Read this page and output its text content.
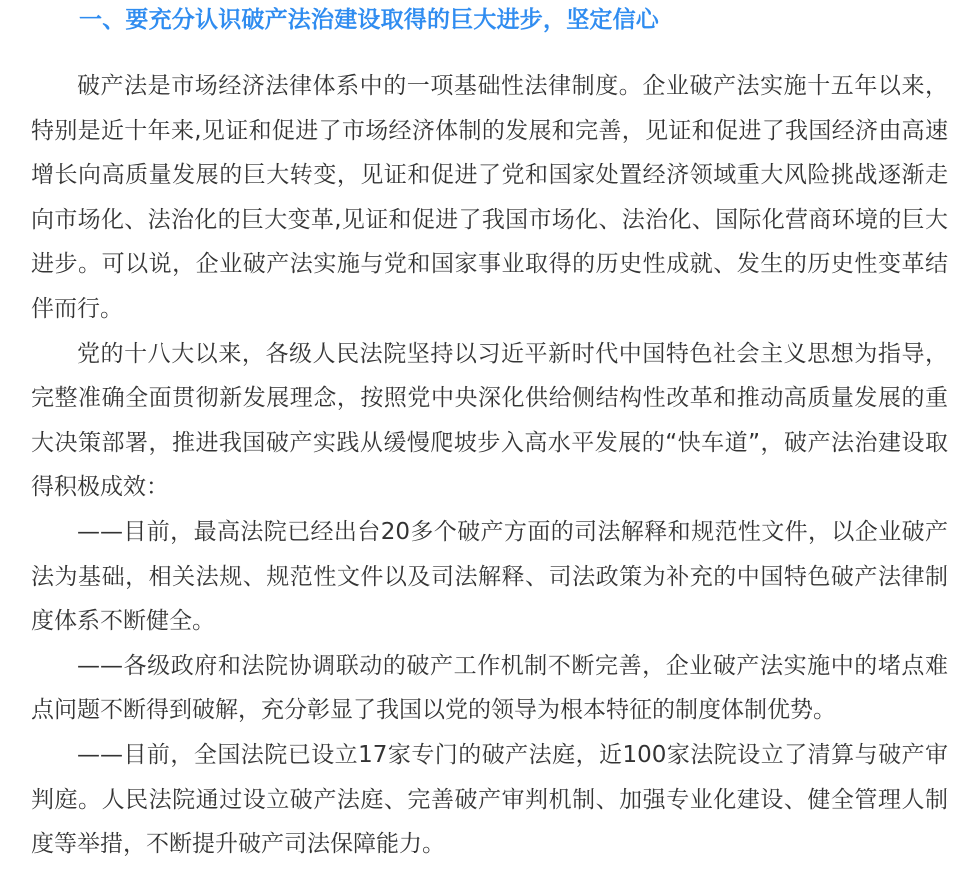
一、要充分认识破产法治建设取得的巨大进步，坚定信心

破产法是市场经济法律体系中的一项基础性法律制度。企业破产法实施十五年以来，特别是近十年来,见证和促进了市场经济体制的发展和完善，见证和促进了我国经济由高速增长向高质量发展的巨大转变，见证和促进了党和国家处置经济领域重大风险挑战逐渐走向市场化、法治化的巨大变革,见证和促进了我国市场化、法治化、国际化营商环境的巨大进步。可以说，企业破产法实施与党和国家事业取得的历史性成就、发生的历史性变革结伴而行。

党的十八大以来，各级人民法院坚持以习近平新时代中国特色社会主义思想为指导，完整准确全面贯彻新发展理念，按照党中央深化供给侧结构性改革和推动高质量发展的重大决策部署，推进我国破产实践从缓慢爬坡步入高水平发展的“快车道”，破产法治建设取得积极成效：

——目前，最高法院已经出台20多个破产方面的司法解释和规范性文件，以企业破产法为基础，相关法规、规范性文件以及司法解释、司法政策为补充的中国特色破产法律制度体系不断健全。

——各级政府和法院协调联动的破产工作机制不断完善，企业破产法实施中的堵点难点问题不断得到破解，充分彰显了我国以党的领导为根本特征的制度体制优势。

——目前，全国法院已设立17家专门的破产法庭，近100家法院设立了清算与破产审判庭。人民法院通过设立破产法庭、完善破产审判机制、加强专业化建设、健全管理人制度等举措，不断提升破产司法保障能力。
